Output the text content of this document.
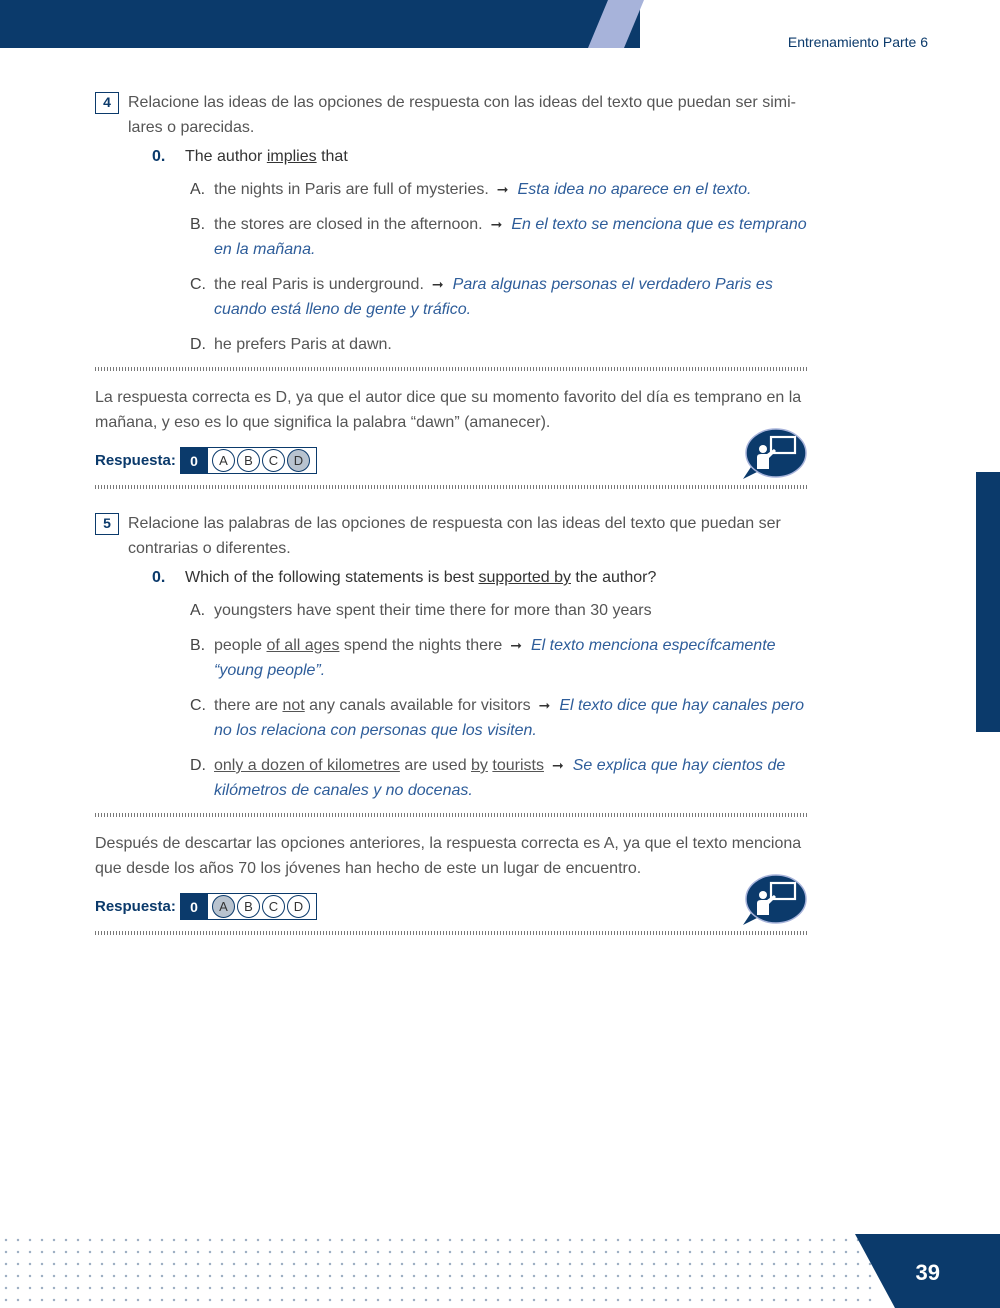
Entrenamiento Parte 6
4	Relacione las ideas de las opciones de respuesta con las ideas del texto que puedan ser simi-
lares o parecidas.
0. The author implies that
A. the nights in Paris are full of mysteries. ➞ Esta idea no aparece en el texto.
B. the stores are closed in the afternoon. ➞ En el texto se menciona que es temprano en la mañana.
C. the real Paris is underground. ➞ Para algunas personas el verdadero Paris es cuando está lleno de gente y tráfico.
D. he prefers Paris at dawn.
La respuesta correcta es D, ya que el autor dice que su momento favorito del día es temprano en la mañana, y eso es lo que significa la palabra “dawn” (amanecer).
Respuesta:	0	A	B	C	D
5	Relacione las palabras de las opciones de respuesta con las ideas del texto que puedan ser
contrarias o diferentes.
0. Which of the following statements is best supported by the author?
A. youngsters have spent their time there for more than 30 years
B. people of all ages spend the nights there ➞ El texto menciona específcamente “young people”.
C. there are not any canals available for visitors ➞ El texto dice que hay canales pero no los relaciona con personas que los visiten.
D. only a dozen of kilometres are used by tourists ➞ Se explica que hay cientos de kilómetros de canales y no docenas.
Después de descartar las opciones anteriores, la respuesta correcta es A, ya que el texto menciona que desde los años 70 los jóvenes han hecho de este un lugar de encuentro.
Respuesta:	0	A	B	C	D
39
